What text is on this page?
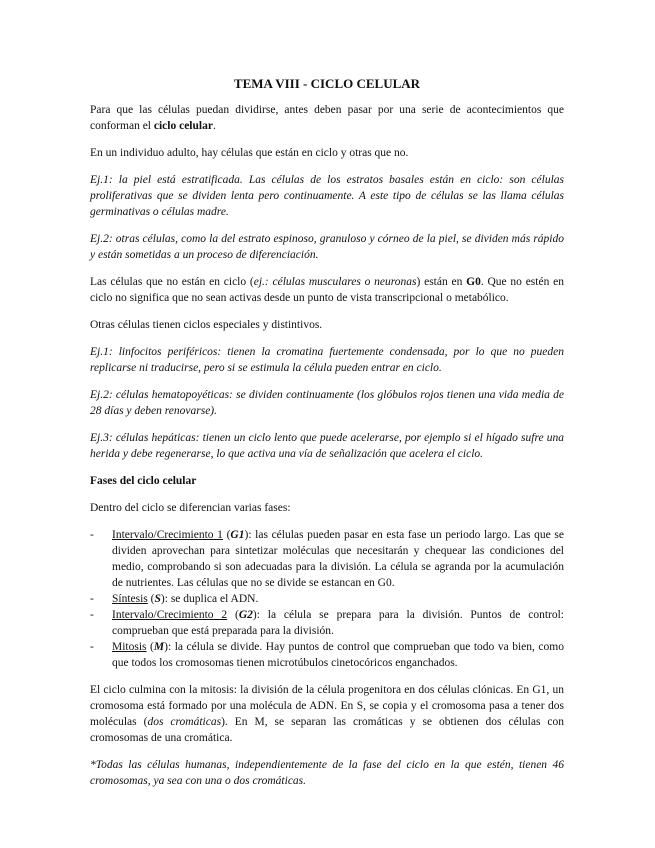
TEMA VIII - CICLO CELULAR

Para que las células puedan dividirse, antes deben pasar por una serie de acontecimientos que conforman el ciclo celular.

En un individuo adulto, hay células que están en ciclo y otras que no.

Ej.1: la piel está estratificada. Las células de los estratos basales están en ciclo: son células proliferativas que se dividen lenta pero continuamente. A este tipo de células se las llama células germinativas o células madre.

Ej.2: otras células, como la del estrato espinoso, granuloso y córneo de la piel, se dividen más rápido y están sometidas a un proceso de diferenciación.

Las células que no están en ciclo (ej.: células musculares o neuronas) están en G0. Que no estén en ciclo no significa que no sean activas desde un punto de vista transcripcional o metabólico.

Otras células tienen ciclos especiales y distintivos.

Ej.1: linfocitos periféricos: tienen la cromatina fuertemente condensada, por lo que no pueden replicarse ni traducirse, pero si se estimula la célula pueden entrar en ciclo.

Ej.2: células hematopoyéticas: se dividen continuamente (los glóbulos rojos tienen una vida media de 28 días y deben renovarse).

Ej.3: células hepáticas: tienen un ciclo lento que puede acelerarse, por ejemplo si el hígado sufre una herida y debe regenerarse, lo que activa una vía de señalización que acelera el ciclo.

Fases del ciclo celular

Dentro del ciclo se diferencian varias fases:

- Intervalo/Crecimiento 1 (G1): las células pueden pasar en esta fase un periodo largo. Las que se dividen aprovechan para sintetizar moléculas que necesitarán y chequear las condiciones del medio, comprobando si son adecuadas para la división. La célula se agranda por la acumulación de nutrientes. Las células que no se divide se estancan en G0.
- Síntesis (S): se duplica el ADN.
- Intervalo/Crecimiento 2 (G2): la célula se prepara para la división. Puntos de control: comprueban que está preparada para la división.
- Mitosis (M): la célula se divide. Hay puntos de control que comprueban que todo va bien, como que todos los cromosomas tienen microtúbulos cinetocóricos enganchados.

El ciclo culmina con la mitosis: la división de la célula progenitora en dos células clónicas. En G1, un cromosoma está formado por una molécula de ADN. En S, se copia y el cromosoma pasa a tener dos moléculas (dos cromáticas). En M, se separan las cromáticas y se obtienen dos células con cromosomas de una cromática.

*Todas las células humanas, independientemente de la fase del ciclo en la que estén, tienen 46 cromosomas, ya sea con una o dos cromáticas.
